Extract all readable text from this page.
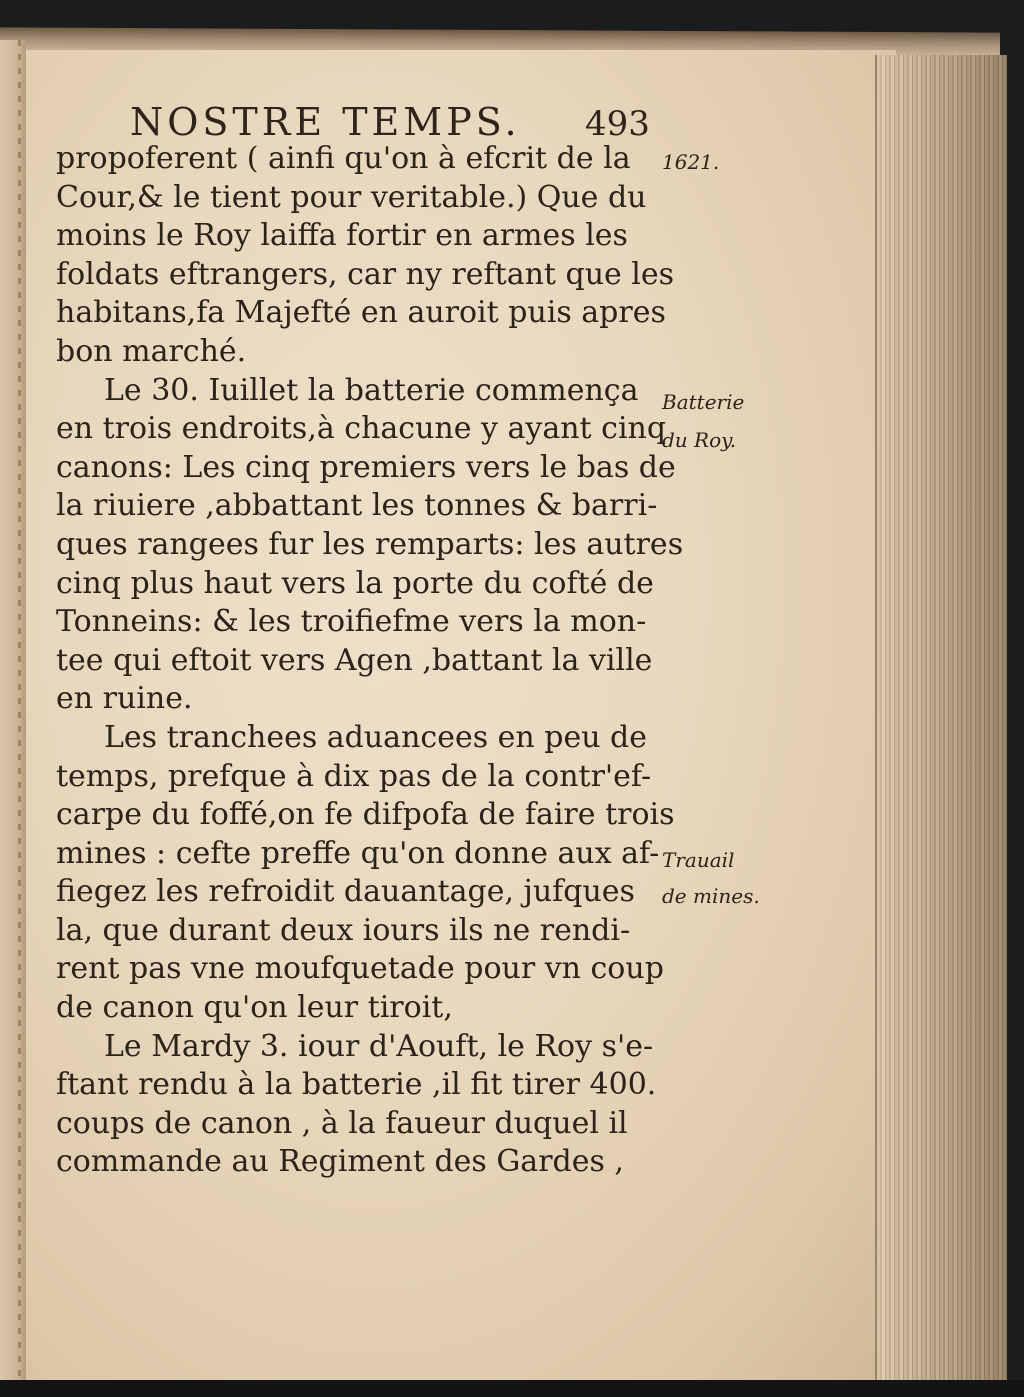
NOSTRE TEMPS. 493
propoferent ( ainfi qu'on à efcrit de la
Cour,& le tient pour veritable.) Que du
moins le Roy laiffa fortir en armes les
foldats eftrangers, car ny reftant que les
habitans,fa Majefté en auroit puis apres
bon marché.
Le 30. Iuillet la batterie commença
en trois endroits,à chacune y ayant cinq
canons: Les cinq premiers vers le bas de
la riuiere ,abbattant les tonnes & barri-
ques rangees fur les remparts: les autres
cinq plus haut vers la porte du cofté de
Tonneins: & les troifiefme vers la mon-
tee qui eftoit vers Agen ,battant la ville
en ruine.
Les tranchees aduancees en peu de
temps, prefque à dix pas de la contr'ef-
carpe du foffé,on fe difpofa de faire trois
mines : cefte preffe qu'on donne aux af-
fiegez les refroidit dauantage, jufques
la, que durant deux iours ils ne rendi-
rent pas vne moufquetade pour vn coup
de canon qu'on leur tiroit,
Le Mardy 3. iour d'Aouft, le Roy s'e-
ftant rendu à la batterie ,il fit tirer 400.
coups de canon , à la faueur duquel il
commande au Regiment des Gardes ,
1621.
Batterie
du Roy.
Trauail
de mines.
